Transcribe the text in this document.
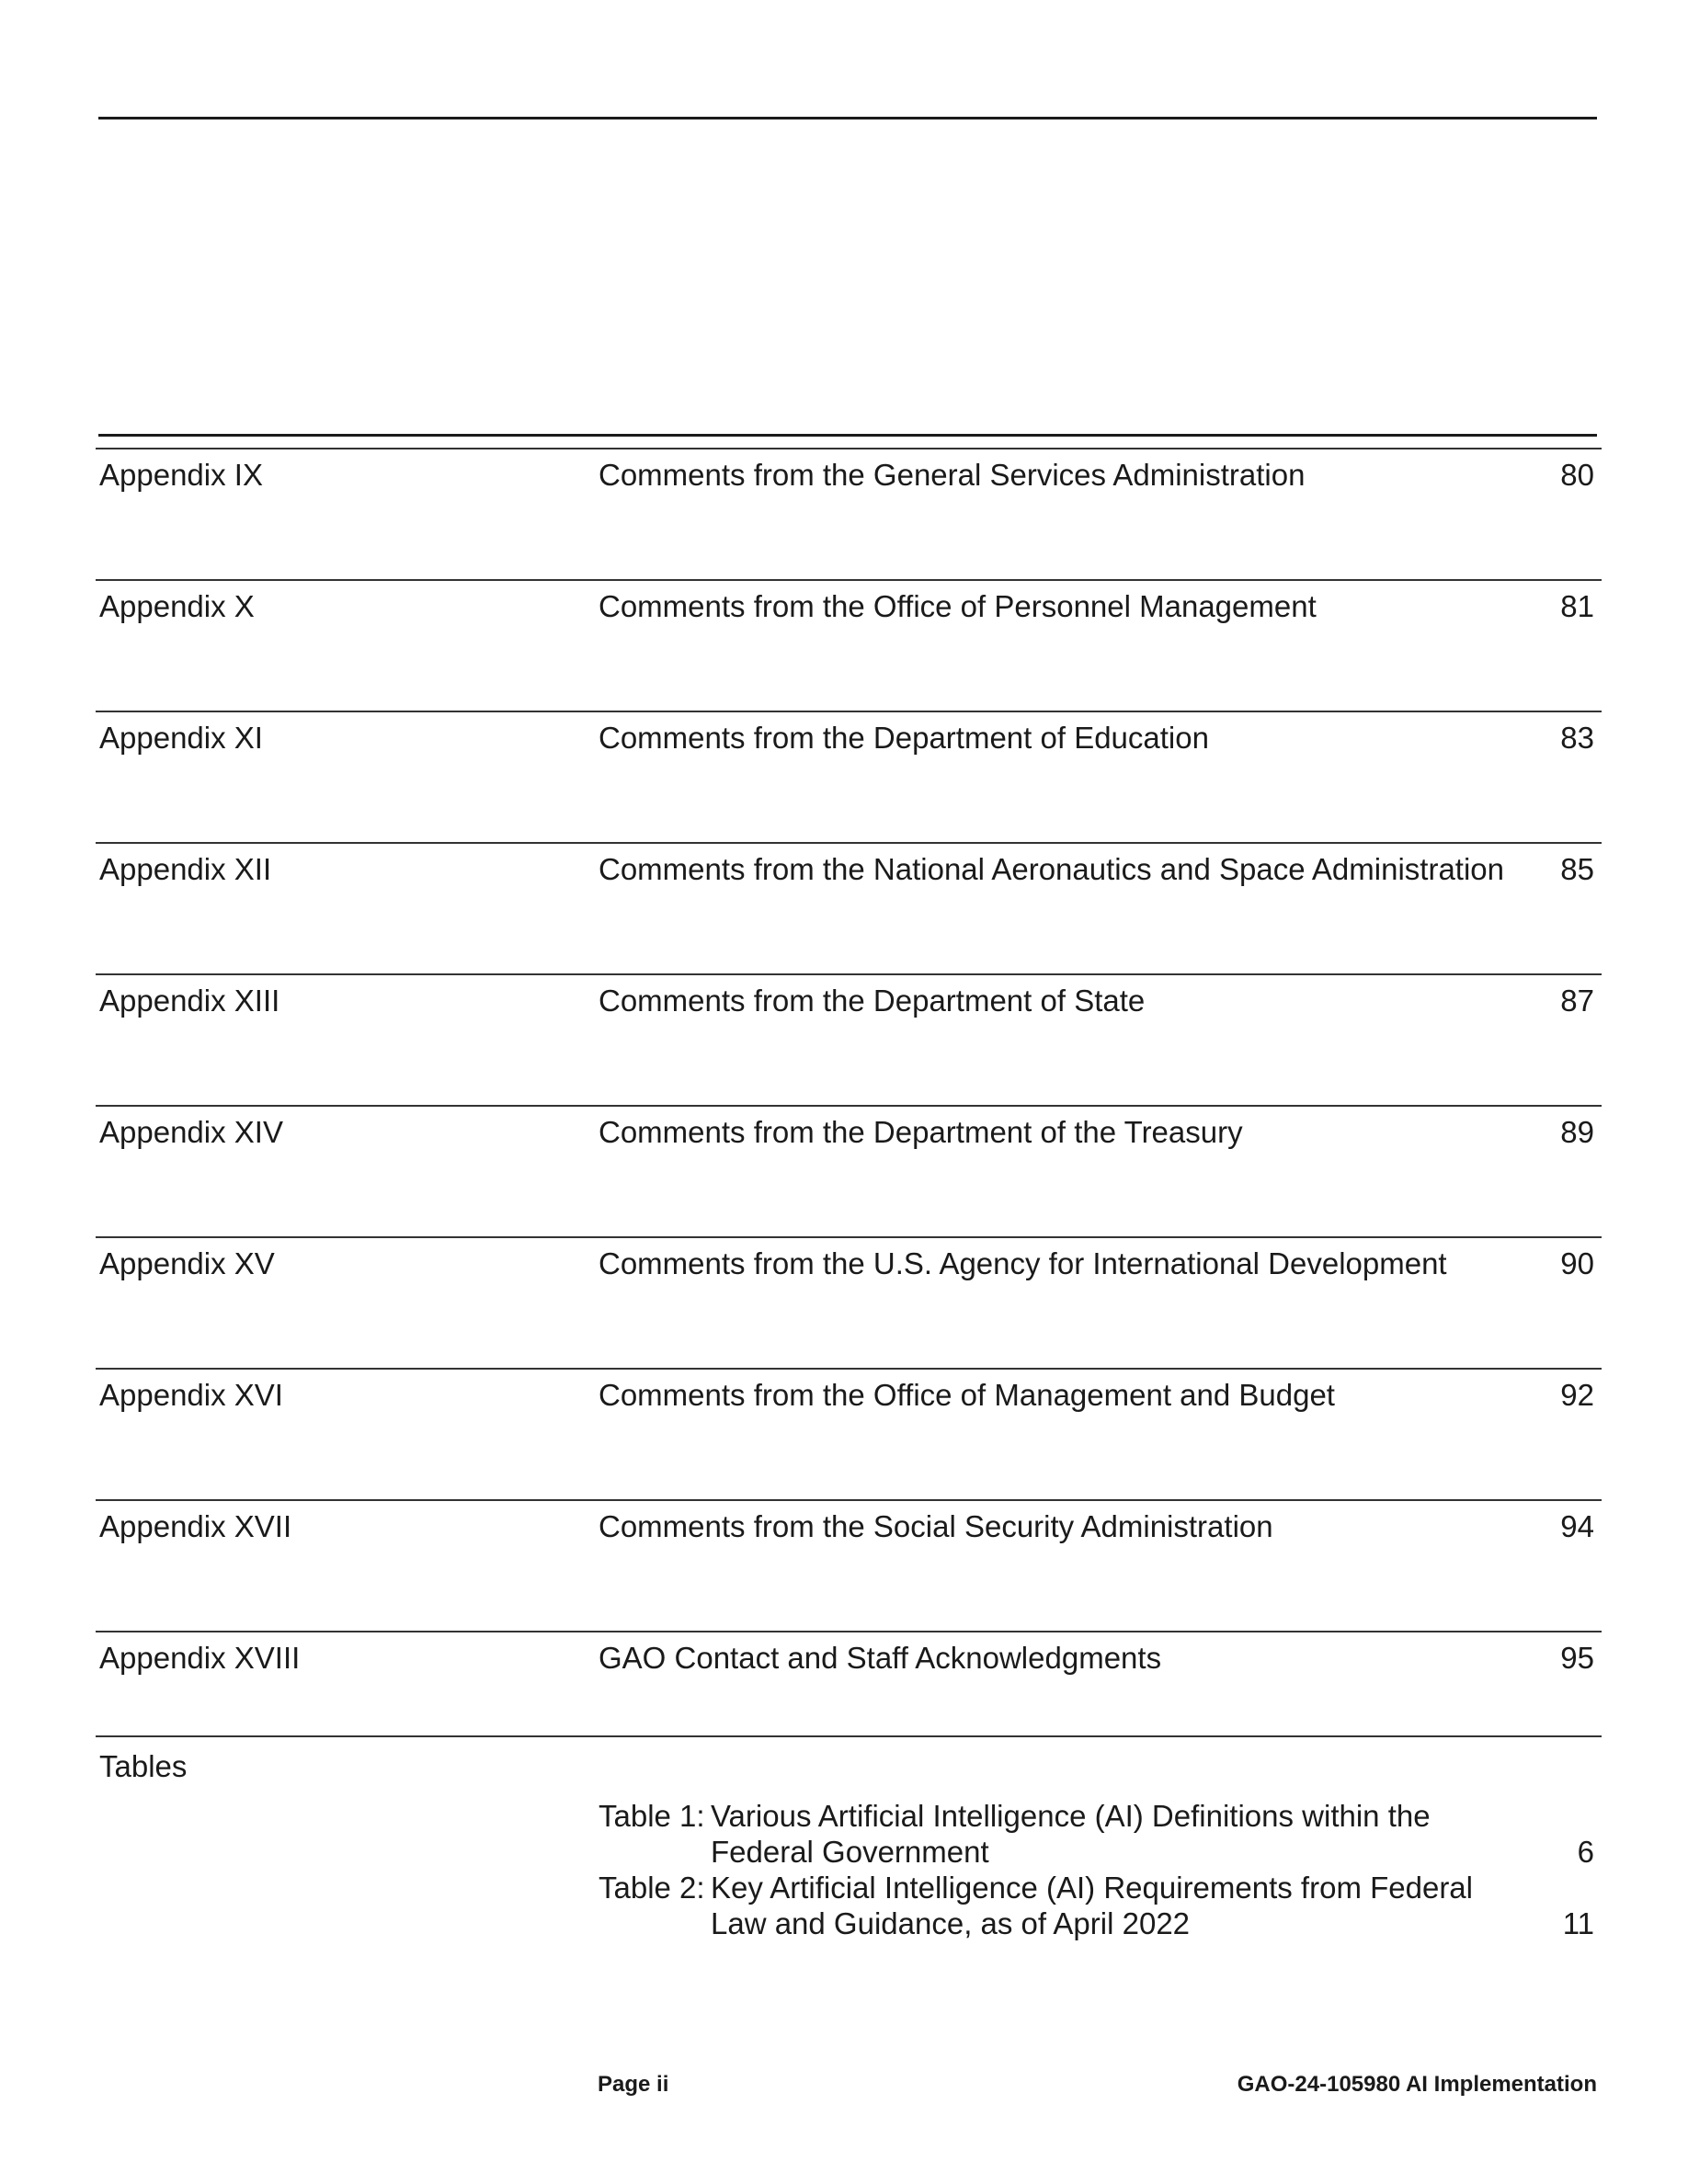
Appendix IX	Comments from the General Services Administration	80
Appendix X	Comments from the Office of Personnel Management	81
Appendix XI	Comments from the Department of Education	83
Appendix XII	Comments from the National Aeronautics and Space Administration 85
Appendix XIII	Comments from the Department of State	87
Appendix XIV	Comments from the Department of the Treasury	89
Appendix XV	Comments from the U.S. Agency for International Development	90
Appendix XVI	Comments from the Office of Management and Budget	92
Appendix XVII	Comments from the Social Security Administration	94
Appendix XVIII	GAO Contact and Staff Acknowledgments	95
Tables
Table 1: Various Artificial Intelligence (AI) Definitions within the Federal Government	6
Table 2: Key Artificial Intelligence (AI) Requirements from Federal Law and Guidance, as of April 2022	11
Page ii	GAO-24-105980 AI Implementation
